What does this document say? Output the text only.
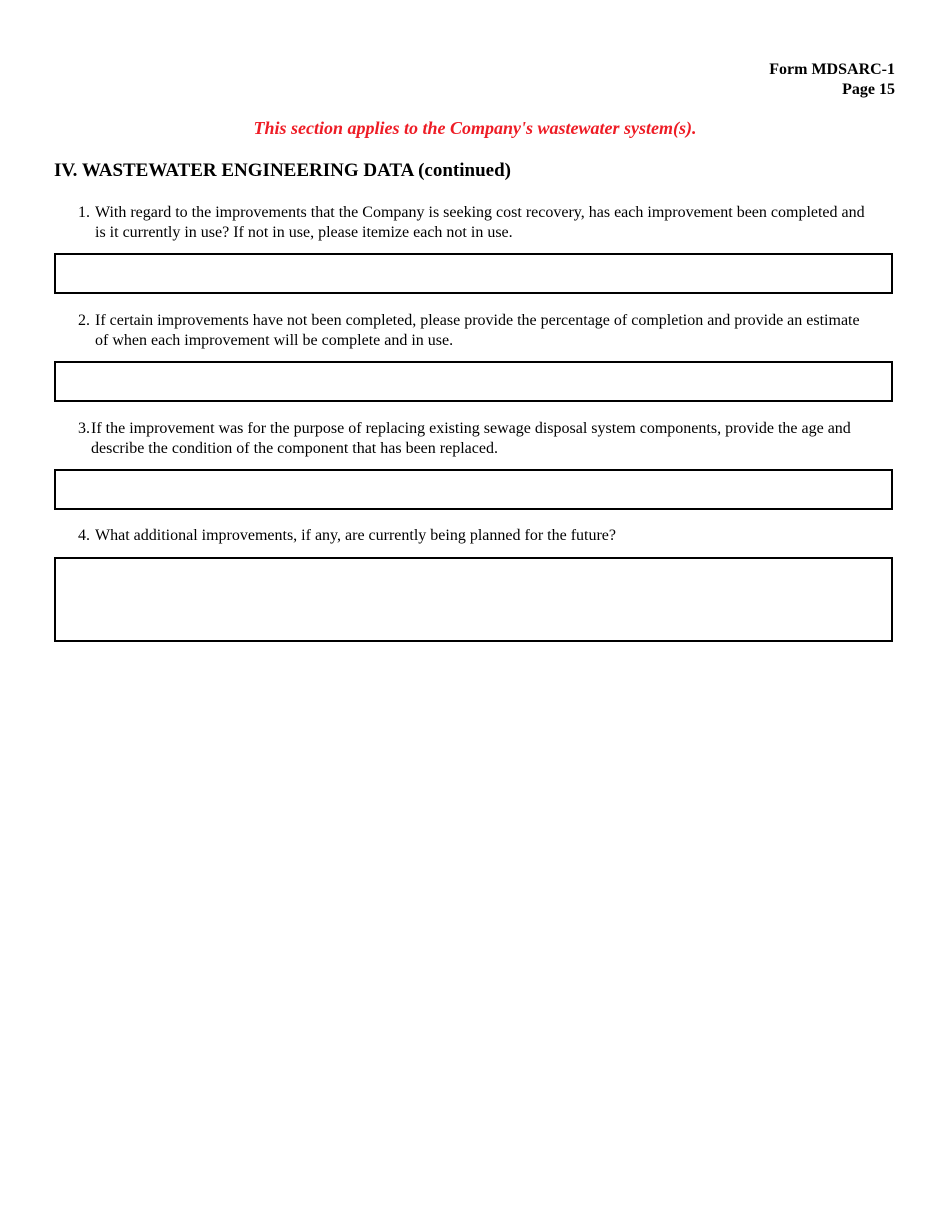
Form MDSARC-1
Page 15
This section applies to the Company's wastewater system(s).
IV. WASTEWATER ENGINEERING DATA (continued)
1. With regard to the improvements that the Company is seeking cost recovery, has each improvement been completed and is it currently in use? If not in use, please itemize each not in use.
2. If certain improvements have not been completed, please provide the percentage of completion and provide an estimate of when each improvement will be complete and in use.
3. If the improvement was for the purpose of replacing existing sewage disposal system components, provide the age and describe the condition of the component that has been replaced.
4. What additional improvements, if any, are currently being planned for the future?
